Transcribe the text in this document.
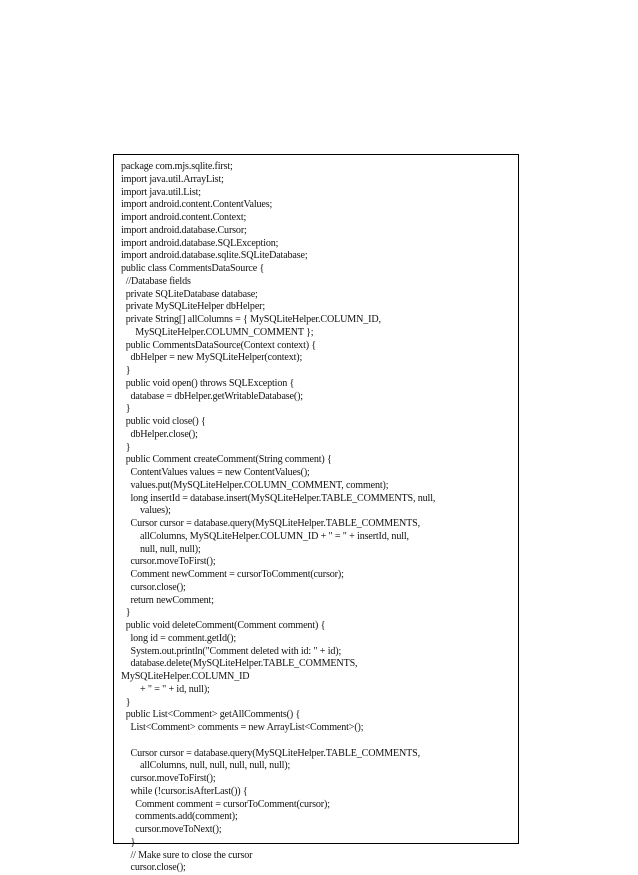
package com.mjs.sqlite.first;
import java.util.ArrayList;
import java.util.List;
import android.content.ContentValues;
import android.content.Context;
import android.database.Cursor;
import android.database.SQLException;
import android.database.sqlite.SQLiteDatabase;
public class CommentsDataSource {
//Database fields
private SQLiteDatabase database;
private MySQLiteHelper dbHelper;
private String[] allColumns = { MySQLiteHelper.COLUMN_ID,
MySQLiteHelper.COLUMN_COMMENT };
public CommentsDataSource(Context context) {
dbHelper = new MySQLiteHelper(context);
}
public void open() throws SQLException {
database = dbHelper.getWritableDatabase();
}
public void close() {
dbHelper.close();
}
public Comment createComment(String comment) {
ContentValues values = new ContentValues();
values.put(MySQLiteHelper.COLUMN_COMMENT, comment);
long insertId = database.insert(MySQLiteHelper.TABLE_COMMENTS, null,
values);
Cursor cursor = database.query(MySQLiteHelper.TABLE_COMMENTS,
allColumns, MySQLiteHelper.COLUMN_ID + " = " + insertId, null,
null, null, null);
cursor.moveToFirst();
Comment newComment = cursorToComment(cursor);
cursor.close();
return newComment;
}
public void deleteComment(Comment comment) {
long id = comment.getId();
System.out.println("Comment deleted with id: " + id);
database.delete(MySQLiteHelper.TABLE_COMMENTS,
MySQLiteHelper.COLUMN_ID
+ " = " + id, null);
}
public List<Comment> getAllComments() {
List<Comment> comments = new ArrayList<Comment>();
Cursor cursor = database.query(MySQLiteHelper.TABLE_COMMENTS,
allColumns, null, null, null, null, null);
cursor.moveToFirst();
while (!cursor.isAfterLast()) {
Comment comment = cursorToComment(cursor);
comments.add(comment);
cursor.moveToNext();
}
// Make sure to close the cursor
cursor.close();
